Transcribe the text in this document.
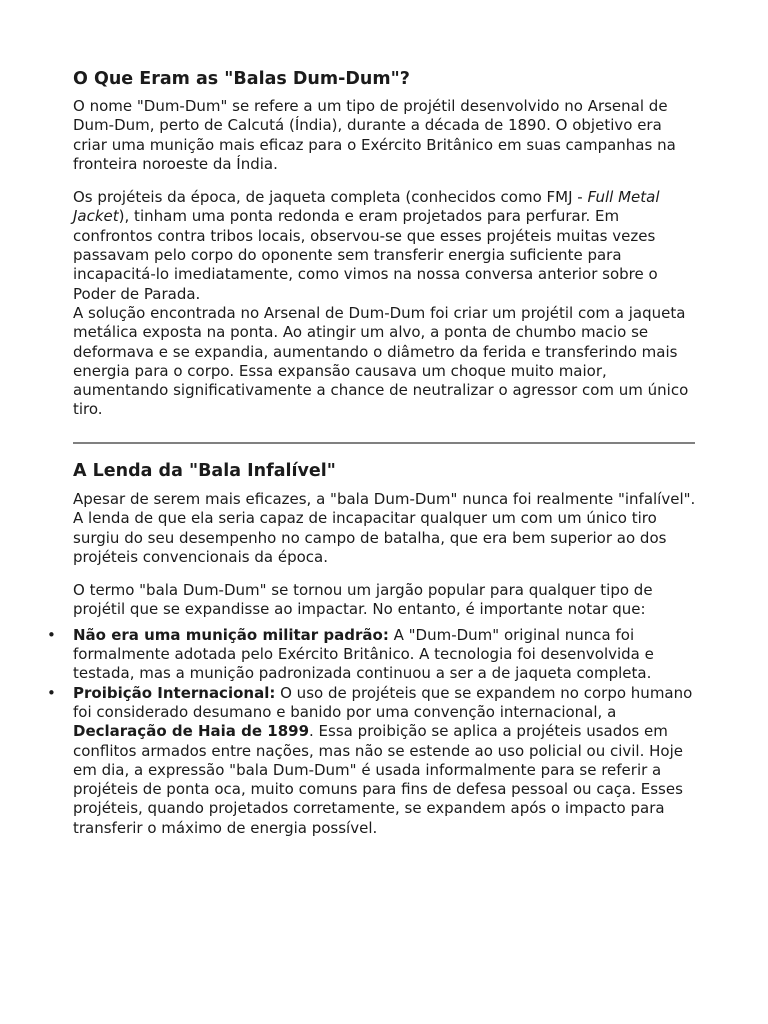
O Que Eram as "Balas Dum-Dum"?

O nome "Dum-Dum" se refere a um tipo de projétil desenvolvido no Arsenal de Dum-Dum, perto de Calcutá (Índia), durante a década de 1890. O objetivo era criar uma munição mais eficaz para o Exército Britânico em suas campanhas na fronteira noroeste da Índia.

Os projéteis da época, de jaqueta completa (conhecidos como FMJ - Full Metal Jacket), tinham uma ponta redonda e eram projetados para perfurar. Em confrontos contra tribos locais, observou-se que esses projéteis muitas vezes passavam pelo corpo do oponente sem transferir energia suficiente para incapacitá-lo imediatamente, como vimos na nossa conversa anterior sobre o Poder de Parada.

A solução encontrada no Arsenal de Dum-Dum foi criar um projétil com a jaqueta metálica exposta na ponta. Ao atingir um alvo, a ponta de chumbo macio se deformava e se expandia, aumentando o diâmetro da ferida e transferindo mais energia para o corpo. Essa expansão causava um choque muito maior, aumentando significativamente a chance de neutralizar o agressor com um único tiro.

A Lenda da "Bala Infalível"

Apesar de serem mais eficazes, a "bala Dum-Dum" nunca foi realmente "infalível". A lenda de que ela seria capaz de incapacitar qualquer um com um único tiro surgiu do seu desempenho no campo de batalha, que era bem superior ao dos projéteis convencionais da época.

O termo "bala Dum-Dum" se tornou um jargão popular para qualquer tipo de projétil que se expandisse ao impactar. No entanto, é importante notar que:

• Não era uma munição militar padrão: A "Dum-Dum" original nunca foi formalmente adotada pelo Exército Britânico. A tecnologia foi desenvolvida e testada, mas a munição padronizada continuou a ser a de jaqueta completa.
• Proibição Internacional: O uso de projéteis que se expandem no corpo humano foi considerado desumano e banido por uma convenção internacional, a Declaração de Haia de 1899. Essa proibição se aplica a projéteis usados em conflitos armados entre nações, mas não se estende ao uso policial ou civil. Hoje em dia, a expressão "bala Dum-Dum" é usada informalmente para se referir a projéteis de ponta oca, muito comuns para fins de defesa pessoal ou caça. Esses projéteis, quando projetados corretamente, se expandem após o impacto para transferir o máximo de energia possível.
